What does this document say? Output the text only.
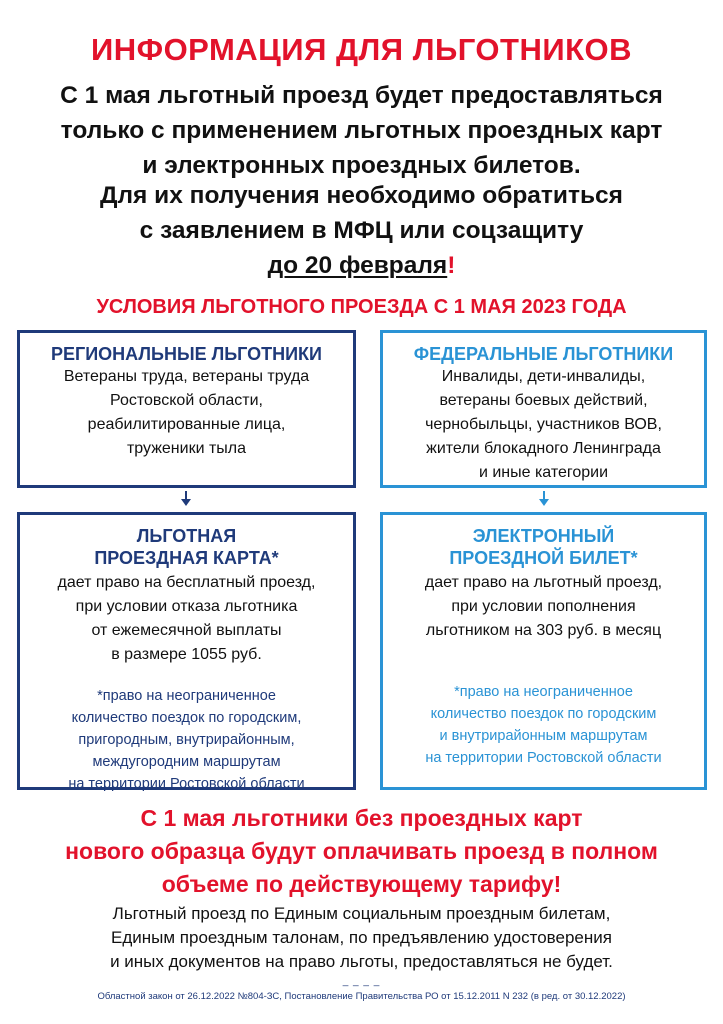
ИНФОРМАЦИЯ ДЛЯ ЛЬГОТНИКОВ
С 1 мая льготный проезд будет предоставляться
только с применением льготных проездных карт
и электронных проездных билетов.
Для их получения необходимо обратиться
с заявлением в МФЦ или соцзащиту
до 20 февраля!
УСЛОВИЯ ЛЬГОТНОГО ПРОЕЗДА С 1 МАЯ 2023 ГОДА
РЕГИОНАЛЬНЫЕ ЛЬГОТНИКИ
Ветераны труда, ветераны труда
Ростовской области,
реабилитированные лица,
труженики тыла
ФЕДЕРАЛЬНЫЕ ЛЬГОТНИКИ
Инвалиды, дети-инвалиды,
ветераны боевых действий,
чернобыльцы, участников ВОВ,
жители блокадного Ленинграда
и иные категории
ЛЬГОТНАЯ
ПРОЕЗДНАЯ КАРТА*
дает право на бесплатный проезд,
при условии отказа льготника
от ежемесячной выплаты
в размере 1055 руб.
*право на неограниченное
количество поездок по городским,
пригородным, внутрирайонным,
междугородним маршрутам
на территории Ростовской области
ЭЛЕКТРОННЫЙ
ПРОЕЗДНОЙ БИЛЕТ*
дает право на льготный проезд,
при условии пополнения
льготником на 303 руб. в месяц
*право на неограниченное
количество поездок по городским
и внутрирайонным маршрутам
на территории Ростовской области
С 1 мая льготники без проездных карт
нового образца будут оплачивать проезд в полном
объеме по действующему тарифу!
Льготный проезд по Единым социальным проездным билетам,
Единым проездным талонам, по предъявлению удостоверения
и иных документов на право льготы, предоставляться не будет.
_ _ _ _
Областной закон от 26.12.2022 №804-ЗС, Постановление Правительства РО от 15.12.2011 N 232 (в ред. от 30.12.2022)
